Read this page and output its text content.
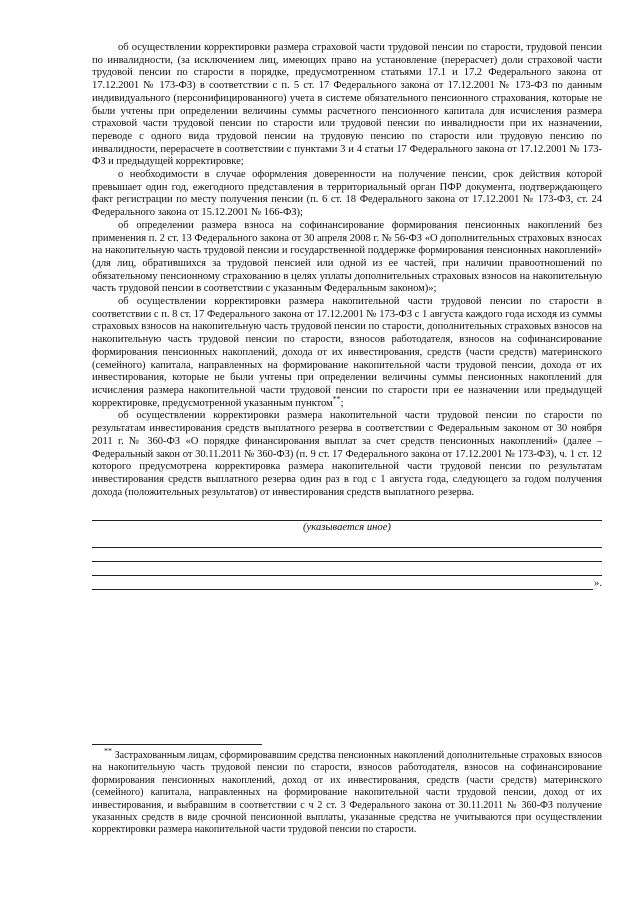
об осуществлении корректировки размера страховой части трудовой пенсии по старости, трудовой пенсии по инвалидности, (за исключением лиц, имеющих право на установление (перерасчет) доли страховой части трудовой пенсии по старости в порядке, предусмотренном статьями 17.1 и 17.2 Федерального закона от 17.12.2001 № 173-ФЗ) в соответствии с п. 5 ст. 17 Федерального закона от 17.12.2001 № 173-ФЗ по данным индивидуального (персонифицированного) учета в системе обязательного пенсионного страхования, которые не были учтены при определении величины суммы расчетного пенсионного капитала для исчисления размера страховой части трудовой пенсии по старости или трудовой пенсии по инвалидности при их назначении, переводе с одного вида трудовой пенсии на трудовую пенсию по старости или трудовую пенсию по инвалидности, перерасчете в соответствии с пунктами 3 и 4 статьи 17 Федерального закона от 17.12.2001 № 173-ФЗ и предыдущей корректировке;

о необходимости в случае оформления доверенности на получение пенсии, срок действия которой превышает один год, ежегодного представления в территориальный орган ПФР документа, подтверждающего факт регистрации по месту получения пенсии (п. 6 ст. 18 Федерального закона от 17.12.2001 № 173-ФЗ, ст. 24 Федерального закона от 15.12.2001 № 166-ФЗ);

об определении размера взноса на софинансирование формирования пенсионных накоплений без применения п. 2 ст. 13 Федерального закона от 30 апреля 2008 г. № 56-ФЗ «О дополнительных страховых взносах на накопительную часть трудовой пенсии и государственной поддержке формирования пенсионных накоплений» (для лиц, обратившихся за трудовой пенсией или одной из ее частей, при наличии правоотношений по обязательному пенсионному страхованию в целях уплаты дополнительных страховых взносов на накопительную часть трудовой пенсии в соответствии с указанным Федеральным законом)»;

об осуществлении корректировки размера накопительной части трудовой пенсии по старости в соответствии с п. 8 ст. 17 Федерального закона от 17.12.2001 № 173-ФЗ с 1 августа каждого года исходя из суммы страховых взносов на накопительную часть трудовой пенсии по старости, дополнительных страховых взносов на накопительную часть трудовой пенсии по старости, взносов работодателя, взносов на софинансирование формирования пенсионных накоплений, дохода от их инвестирования, средств (части средств) материнского (семейного) капитала, направленных на формирование накопительной части трудовой пенсии, дохода от их инвестирования, которые не были учтены при определении величины суммы пенсионных накоплений для исчисления размера накопительной части трудовой пенсии по старости при ее назначении или предыдущей корректировке, предусмотренной указанным пунктом**;

об осуществлении корректировки размера накопительной части трудовой пенсии по старости по результатам инвестирования средств выплатного резерва в соответствии с Федеральным законом от 30 ноября 2011 г. № 360-ФЗ «О порядке финансирования выплат за счет средств пенсионных накоплений» (далее – Федеральный закон от 30.11.2011 № 360-ФЗ) (п. 9 ст. 17 Федерального закона от 17.12.2001 № 173-ФЗ), ч. 1 ст. 12 которого предусмотрена корректировка размера накопительной части трудовой пенсии по результатам инвестирования средств выплатного резерва один раз в год с 1 августа года, следующего за годом получения дохода (положительных результатов) от инвестирования средств выплатного резерва.

(указывается иное)
».
** Застрахованным лицам, сформировавшим средства пенсионных накоплений дополнительные страховых взносов на накопительную часть трудовой пенсии по старости, взносов работодателя, взносов на софинансирование формирования пенсионных накоплений, доход от их инвестирования, средств (части средств) материнского (семейного) капитала, направленных на формирование накопительной части трудовой пенсии, доход от их инвестирования, и выбравшим в соответствии с ч 2 ст. 3 Федерального закона от 30.11.2011 № 360-ФЗ получение указанных средств в виде срочной пенсионной выплаты, указанные средства не учитываются при осуществлении корректировки размера накопительной части трудовой пенсии по старости.
